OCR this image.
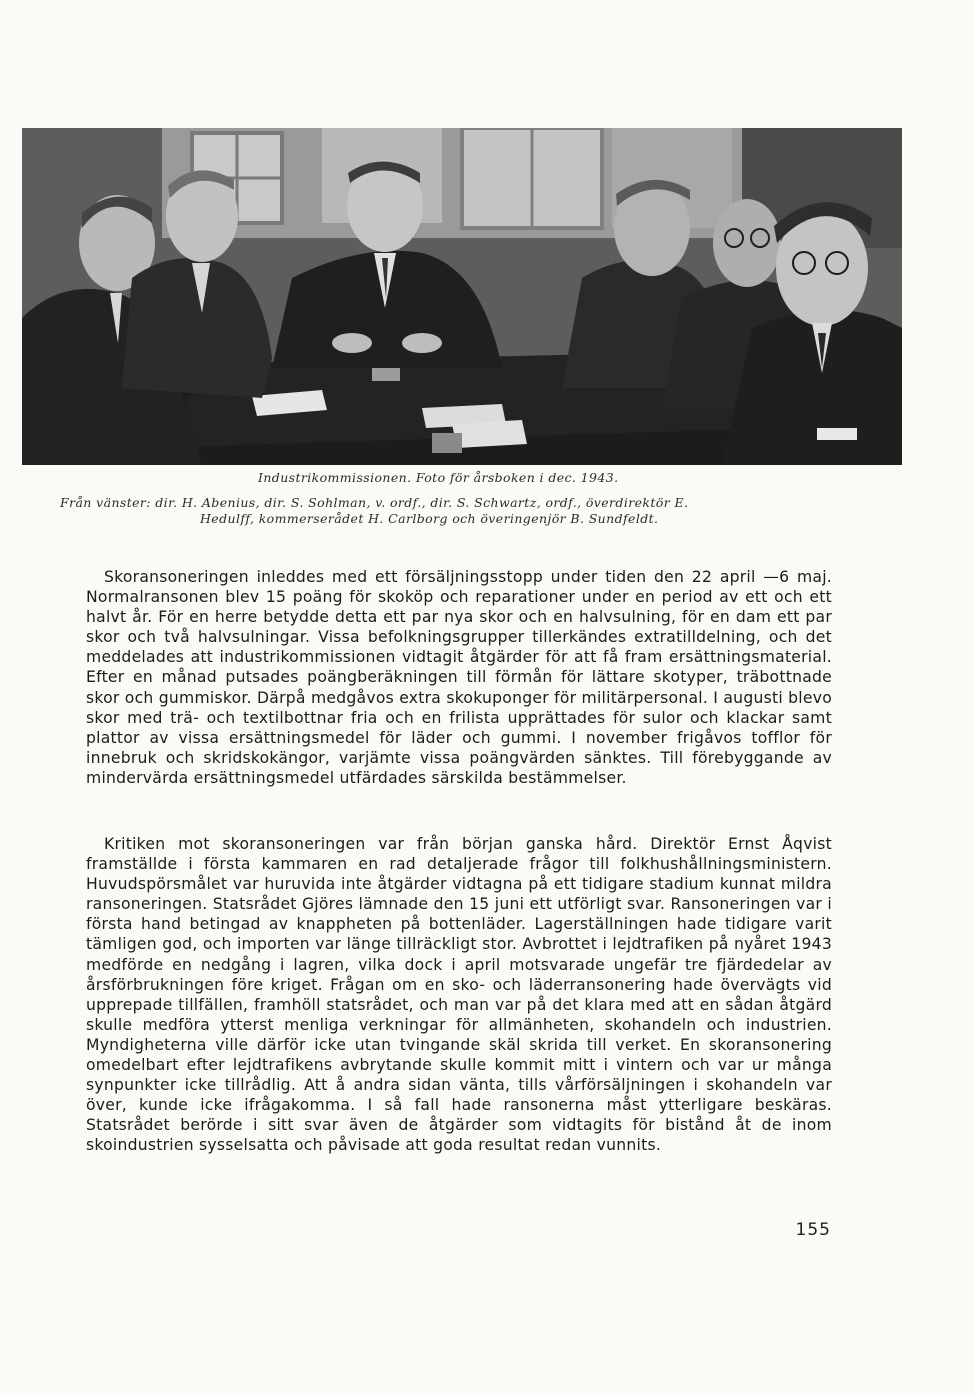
Industrikommissionen. Foto för årsboken i dec. 1943.
Från vänster: dir. H. Abenius, dir. S. Sohlman, v. ordf., dir. S. Schwartz, ordf., överdirektör E.
Hedulff, kommerserådet H. Carlborg och överingenjör B. Sundfeldt.
Skoransoneringen inleddes med ett försäljningsstopp under tiden den 22 april —6 maj. Normalransonen blev 15 poäng för skoköp och reparationer under en period av ett och ett halvt år. För en herre betydde detta ett par nya skor och en halvsulning, för en dam ett par skor och två halvsulningar. Vissa befolkningsgrupper tillerkändes extratilldelning, och det meddelades att industrikommissionen vidtagit åtgärder för att få fram ersättningsmaterial. Efter en månad putsades poängberäkningen till förmån för lättare skotyper, träbottnade skor och gummiskor. Därpå medgåvos extra skokuponger för militärpersonal. I augusti blevo skor med trä- och textilbottnar fria och en frilista upprättades för sulor och klackar samt plattor av vissa ersättningsmedel för läder och gummi. I november frigåvos tofflor för innebruk och skridskokängor, varjämte vissa poängvärden sänktes. Till förebyggande av mindervärda ersättningsmedel utfärdades särskilda bestämmelser.
Kritiken mot skoransoneringen var från början ganska hård. Direktör Ernst Åqvist framställde i första kammaren en rad detaljerade frågor till folkhushållningsministern. Huvudspörsmålet var huruvida inte åtgärder vidtagna på ett tidigare stadium kunnat mildra ransoneringen. Statsrådet Gjöres lämnade den 15 juni ett utförligt svar. Ransoneringen var i första hand betingad av knappheten på bottenläder. Lagerställningen hade tidigare varit tämligen god, och importen var länge tillräckligt stor. Avbrottet i lejdtrafiken på nyåret 1943 medförde en nedgång i lagren, vilka dock i april motsvarade ungefär tre fjärdedelar av årsförbrukningen före kriget. Frågan om en sko- och läderransonering hade övervägts vid upprepade tillfällen, framhöll statsrådet, och man var på det klara med att en sådan åtgärd skulle medföra ytterst menliga verkningar för allmänheten, skohandeln och industrien. Myndigheterna ville därför icke utan tvingande skäl skrida till verket. En skoransonering omedelbart efter lejdtrafikens avbrytande skulle kommit mitt i vintern och var ur många synpunkter icke tillrådlig. Att å andra sidan vänta, tills vårförsäljningen i skohandeln var över, kunde icke ifrågakomma. I så fall hade ransonerna måst ytterligare beskäras. Statsrådet berörde i sitt svar även de åtgärder som vidtagits för bistånd åt de inom skoindustrien sysselsatta och påvisade att goda resultat redan vunnits.
155
